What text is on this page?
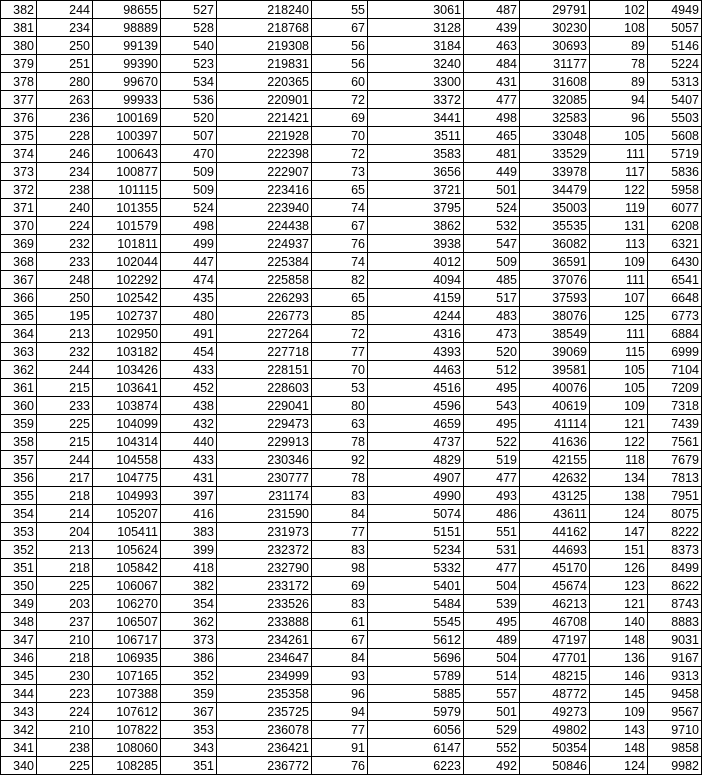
382	244	98655	527	218240	55	3061	487	29791	102	4949
381	234	98889	528	218768	67	3128	439	30230	108	5057
380	250	99139	540	219308	56	3184	463	30693	89	5146
379	251	99390	523	219831	56	3240	484	31177	78	5224
378	280	99670	534	220365	60	3300	431	31608	89	5313
377	263	99933	536	220901	72	3372	477	32085	94	5407
376	236	100169	520	221421	69	3441	498	32583	96	5503
375	228	100397	507	221928	70	3511	465	33048	105	5608
374	246	100643	470	222398	72	3583	481	33529	111	5719
373	234	100877	509	222907	73	3656	449	33978	117	5836
372	238	101115	509	223416	65	3721	501	34479	122	5958
371	240	101355	524	223940	74	3795	524	35003	119	6077
370	224	101579	498	224438	67	3862	532	35535	131	6208
369	232	101811	499	224937	76	3938	547	36082	113	6321
368	233	102044	447	225384	74	4012	509	36591	109	6430
367	248	102292	474	225858	82	4094	485	37076	111	6541
366	250	102542	435	226293	65	4159	517	37593	107	6648
365	195	102737	480	226773	85	4244	483	38076	125	6773
364	213	102950	491	227264	72	4316	473	38549	111	6884
363	232	103182	454	227718	77	4393	520	39069	115	6999
362	244	103426	433	228151	70	4463	512	39581	105	7104
361	215	103641	452	228603	53	4516	495	40076	105	7209
360	233	103874	438	229041	80	4596	543	40619	109	7318
359	225	104099	432	229473	63	4659	495	41114	121	7439
358	215	104314	440	229913	78	4737	522	41636	122	7561
357	244	104558	433	230346	92	4829	519	42155	118	7679
356	217	104775	431	230777	78	4907	477	42632	134	7813
355	218	104993	397	231174	83	4990	493	43125	138	7951
354	214	105207	416	231590	84	5074	486	43611	124	8075
353	204	105411	383	231973	77	5151	551	44162	147	8222
352	213	105624	399	232372	83	5234	531	44693	151	8373
351	218	105842	418	232790	98	5332	477	45170	126	8499
350	225	106067	382	233172	69	5401	504	45674	123	8622
349	203	106270	354	233526	83	5484	539	46213	121	8743
348	237	106507	362	233888	61	5545	495	46708	140	8883
347	210	106717	373	234261	67	5612	489	47197	148	9031
346	218	106935	386	234647	84	5696	504	47701	136	9167
345	230	107165	352	234999	93	5789	514	48215	146	9313
344	223	107388	359	235358	96	5885	557	48772	145	9458
343	224	107612	367	235725	94	5979	501	49273	109	9567
342	210	107822	353	236078	77	6056	529	49802	143	9710
341	238	108060	343	236421	91	6147	552	50354	148	9858
340	225	108285	351	236772	76	6223	492	50846	124	9982
